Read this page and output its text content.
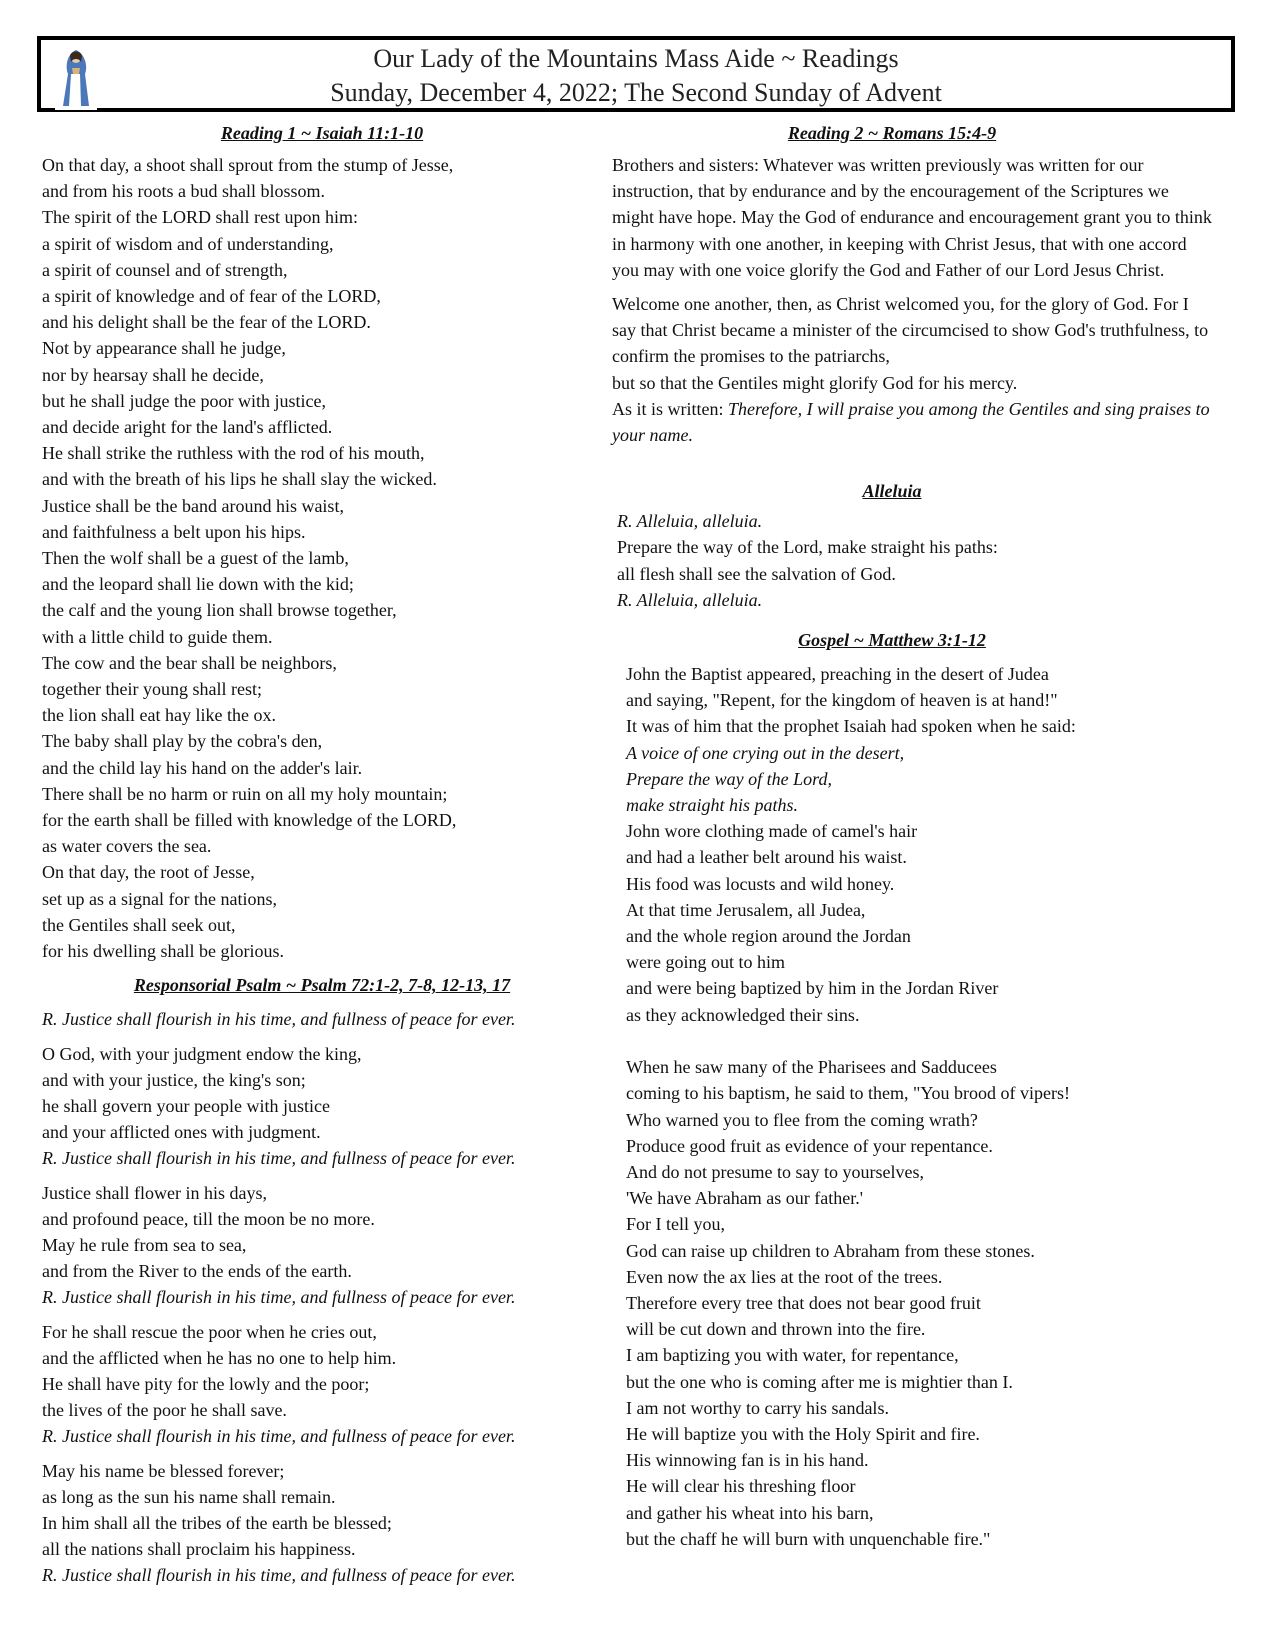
Our Lady of the Mountains Mass Aide ~ Readings
Sunday, December 4, 2022; The Second Sunday of Advent
Reading 1 ~ Isaiah 11:1-10
On that day, a shoot shall sprout from the stump of Jesse,
and from his roots a bud shall blossom.
The spirit of the LORD shall rest upon him:
a spirit of wisdom and of understanding,
a spirit of counsel and of strength,
a spirit of knowledge and of fear of the LORD,
and his delight shall be the fear of the LORD.
Not by appearance shall he judge,
nor by hearsay shall he decide,
but he shall judge the poor with justice,
and decide aright for the land's afflicted.
He shall strike the ruthless with the rod of his mouth,
and with the breath of his lips he shall slay the wicked.
Justice shall be the band around his waist,
and faithfulness a belt upon his hips.
Then the wolf shall be a guest of the lamb,
and the leopard shall lie down with the kid;
the calf and the young lion shall browse together,
with a little child to guide them.
The cow and the bear shall be neighbors,
together their young shall rest;
the lion shall eat hay like the ox.
The baby shall play by the cobra's den,
and the child lay his hand on the adder's lair.
There shall be no harm or ruin on all my holy mountain;
for the earth shall be filled with knowledge of the LORD,
as water covers the sea.
On that day, the root of Jesse,
set up as a signal for the nations,
the Gentiles shall seek out,
for his dwelling shall be glorious.
Responsorial Psalm ~ Psalm 72:1-2, 7-8, 12-13, 17
R. Justice shall flourish in his time, and fullness of peace for ever.
O God, with your judgment endow the king,
and with your justice, the king's son;
he shall govern your people with justice
and your afflicted ones with judgment.
R. Justice shall flourish in his time, and fullness of peace for ever.
Justice shall flower in his days,
and profound peace, till the moon be no more.
May he rule from sea to sea,
and from the River to the ends of the earth.
R. Justice shall flourish in his time, and fullness of peace for ever.
For he shall rescue the poor when he cries out,
and the afflicted when he has no one to help him.
He shall have pity for the lowly and the poor;
the lives of the poor he shall save.
R. Justice shall flourish in his time, and fullness of peace for ever.
May his name be blessed forever;
as long as the sun his name shall remain.
In him shall all the tribes of the earth be blessed;
all the nations shall proclaim his happiness.
R. Justice shall flourish in his time, and fullness of peace for ever.
Reading 2 ~ Romans 15:4-9
Brothers and sisters: Whatever was written previously was written for our instruction, that by endurance and by the encouragement of the Scriptures we might have hope. May the God of endurance and encouragement grant you to think in harmony with one another, in keeping with Christ Jesus, that with one accord you may with one voice glorify the God and Father of our Lord Jesus Christ.
Welcome one another, then, as Christ welcomed you, for the glory of God. For I say that Christ became a minister of the circumcised to show God's truthfulness, to confirm the promises to the patriarchs,
but so that the Gentiles might glorify God for his mercy.
As it is written: Therefore, I will praise you among the Gentiles and sing praises to your name.
Alleluia
R. Alleluia, alleluia.
Prepare the way of the Lord, make straight his paths:
all flesh shall see the salvation of God.
R. Alleluia, alleluia.
Gospel ~ Matthew 3:1-12
John the Baptist appeared, preaching in the desert of Judea
and saying, "Repent, for the kingdom of heaven is at hand!"
It was of him that the prophet Isaiah had spoken when he said:
A voice of one crying out in the desert,
Prepare the way of the Lord,
make straight his paths.
John wore clothing made of camel's hair
and had a leather belt around his waist.
His food was locusts and wild honey.
At that time Jerusalem, all Judea,
and the whole region around the Jordan
were going out to him
and were being baptized by him in the Jordan River
as they acknowledged their sins.

When he saw many of the Pharisees and Sadducees
coming to his baptism, he said to them, "You brood of vipers!
Who warned you to flee from the coming wrath?
Produce good fruit as evidence of your repentance.
And do not presume to say to yourselves,
'We have Abraham as our father.'
For I tell you,
God can raise up children to Abraham from these stones.
Even now the ax lies at the root of the trees.
Therefore every tree that does not bear good fruit
will be cut down and thrown into the fire.
I am baptizing you with water, for repentance,
but the one who is coming after me is mightier than I.
I am not worthy to carry his sandals.
He will baptize you with the Holy Spirit and fire.
His winnowing fan is in his hand.
He will clear his threshing floor
and gather his wheat into his barn,
but the chaff he will burn with unquenchable fire."
